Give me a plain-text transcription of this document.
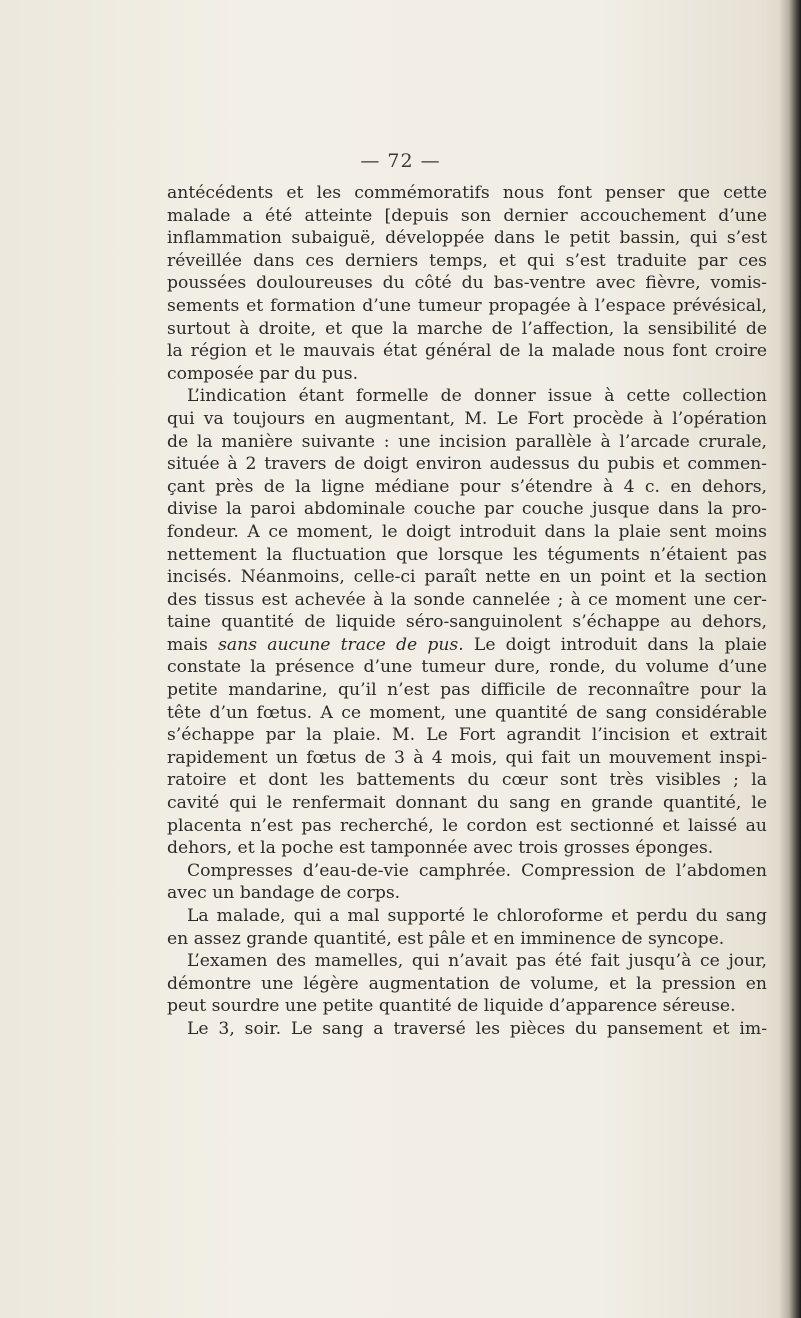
— 72 —

antécédents et les commémoratifs nous font penser que cette

malade a été atteinte [depuis son dernier accouchement d’une

inflammation subaiguë, développée dans le petit bassin, qui s’est

réveillée dans ces derniers temps, et qui s’est traduite par ces

poussées douloureuses du côté du bas-ventre avec fièvre, vomis-

sements et formation d’une tumeur propagée à l’espace prévésical,

surtout à droite, et que la marche de l’affection, la sensibilité de

la région et le mauvais état général de la malade nous font croire

composée par du pus.

L’indication étant formelle de donner issue à cette collection

qui va toujours en augmentant, M. Le Fort procède à l’opération

de la manière suivante : une incision parallèle à l’arcade crurale,

située à 2 travers de doigt environ audessus du pubis et commen-

çant près de la ligne médiane pour s’étendre à 4 c. en dehors,

divise la paroi abdominale couche par couche jusque dans la pro-

fondeur. A ce moment, le doigt introduit dans la plaie sent moins

nettement la fluctuation que lorsque les téguments n’étaient pas

incisés. Néanmoins, celle-ci paraît nette en un point et la section

des tissus est achevée à la sonde cannelée ; à ce moment une cer-

taine quantité de liquide séro-sanguinolent s’échappe au dehors,

mais sans aucune trace de pus. Le doigt introduit dans la plaie

constate la présence d’une tumeur dure, ronde, du volume d’une

petite mandarine, qu’il n’est pas difficile de reconnaître pour la

tête d’un fœtus. A ce moment, une quantité de sang considérable

s’échappe par la plaie. M. Le Fort agrandit l’incision et extrait

rapidement un fœtus de 3 à 4 mois, qui fait un mouvement inspi-

ratoire et dont les battements du cœur sont très visibles ; la

cavité qui le renfermait donnant du sang en grande quantité, le

placenta n’est pas recherché, le cordon est sectionné et laissé au

dehors, et la poche est tamponnée avec trois grosses éponges.

Compresses d’eau-de-vie camphrée. Compression de l’abdomen

avec un bandage de corps.

La malade, qui a mal supporté le chloroforme et perdu du sang

en assez grande quantité, est pâle et en imminence de syncope.

L’examen des mamelles, qui n’avait pas été fait jusqu’à ce jour,

démontre une légère augmentation de volume, et la pression en

peut sourdre une petite quantité de liquide d’apparence séreuse.

Le 3, soir. Le sang a traversé les pièces du pansement et im-
